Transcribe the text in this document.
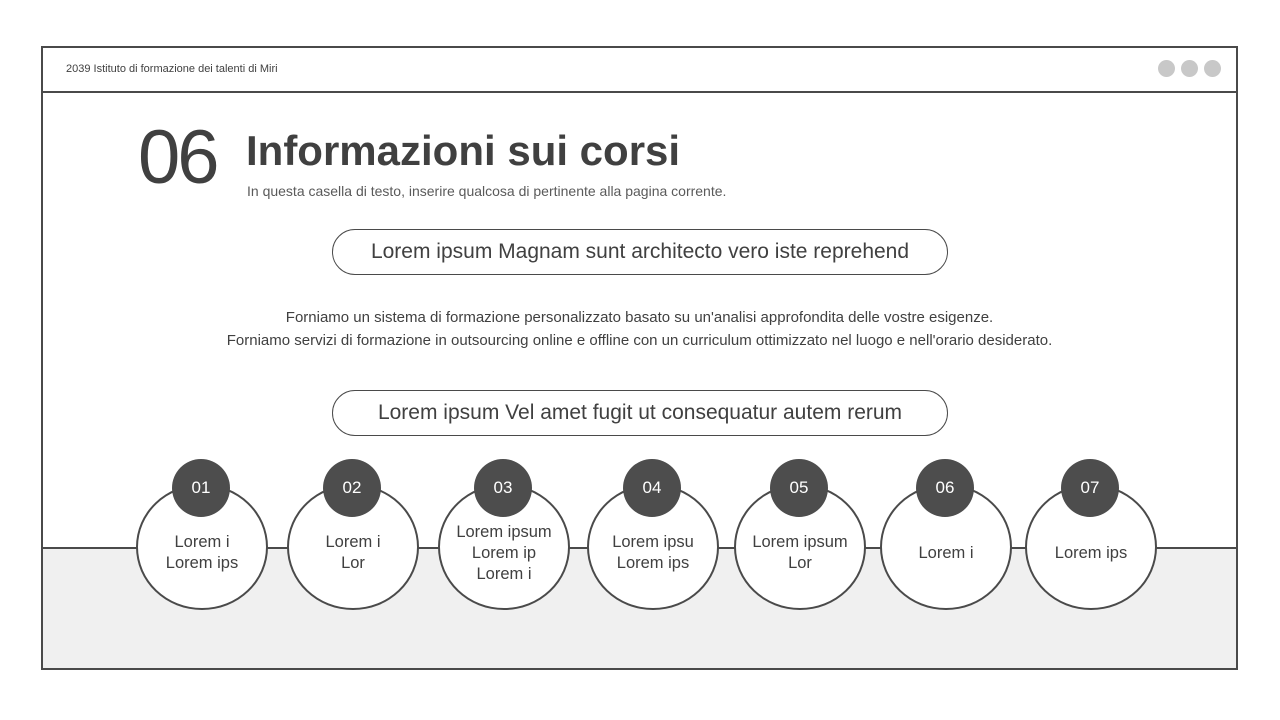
2039 Istituto di formazione dei talenti di Miri
06 Informazioni sui corsi
In questa casella di testo, inserire qualcosa di pertinente alla pagina corrente.
Lorem ipsum Magnam sunt architecto vero iste reprehend
Forniamo un sistema di formazione personalizzato basato su un'analisi approfondita delle vostre esigenze.
Forniamo servizi di formazione in outsourcing online e offline con un curriculum ottimizzato nel luogo e nell'orario desiderato.
Lorem ipsum Vel amet fugit ut consequatur autem rerum
Lorem i
Lorem ips
01
Lorem i
Lor
02
Lorem ipsum
Lorem ip
Lorem i
03
Lorem ipsu
Lorem ips
04
Lorem ipsum
Lor
05
Lorem i
06
Lorem ips
07
